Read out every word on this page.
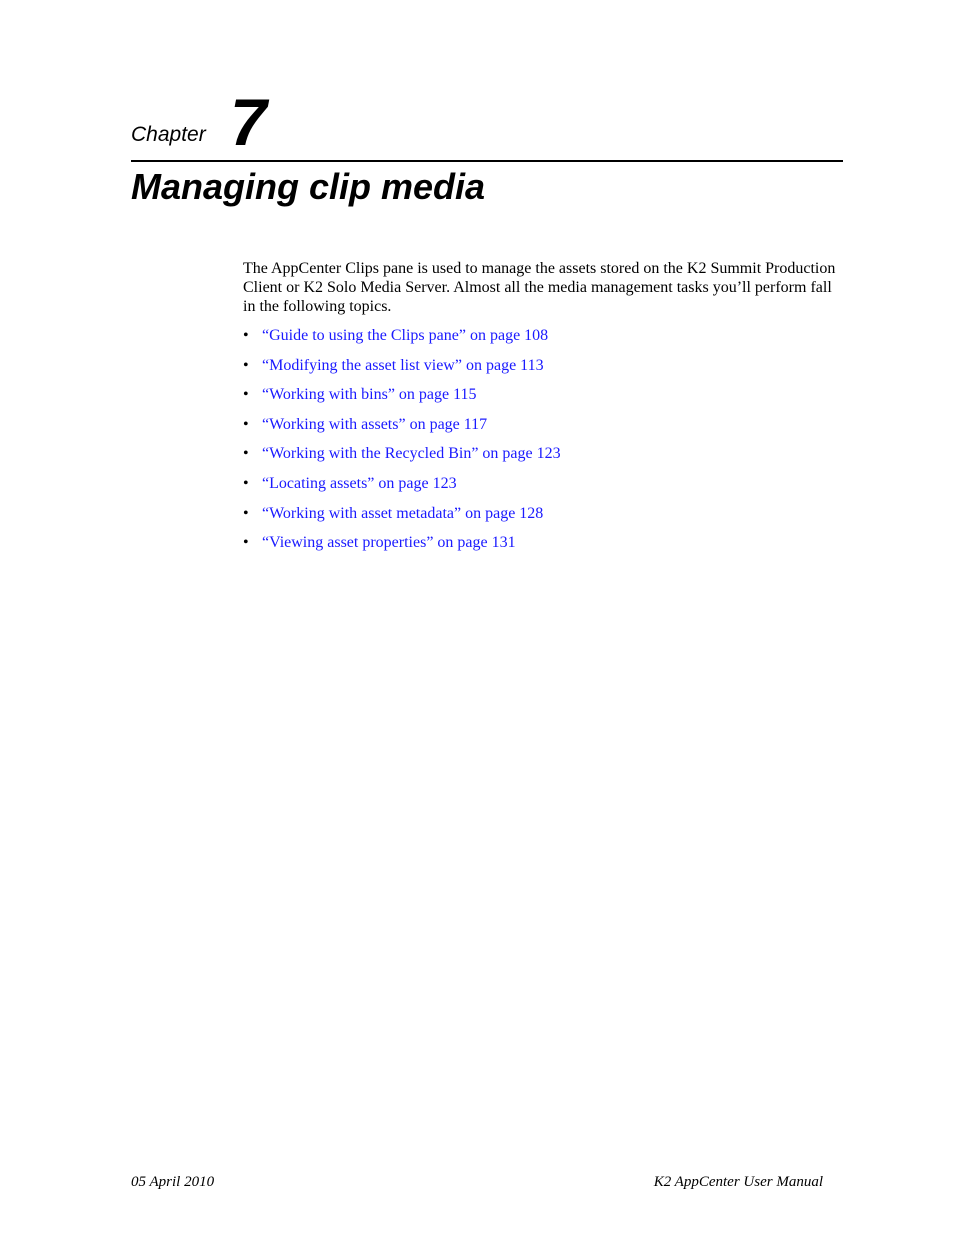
Chapter 7
Managing clip media

The AppCenter Clips pane is used to manage the assets stored on the K2 Summit Production Client or K2 Solo Media Server. Almost all the media management tasks you’ll perform fall in the following topics.

• “Guide to using the Clips pane” on page 108
• “Modifying the asset list view” on page 113
• “Working with bins” on page 115
• “Working with assets” on page 117
• “Working with the Recycled Bin” on page 123
• “Locating assets” on page 123
• “Working with asset metadata” on page 128
• “Viewing asset properties” on page 131
05 April 2010	K2 AppCenter User Manual
